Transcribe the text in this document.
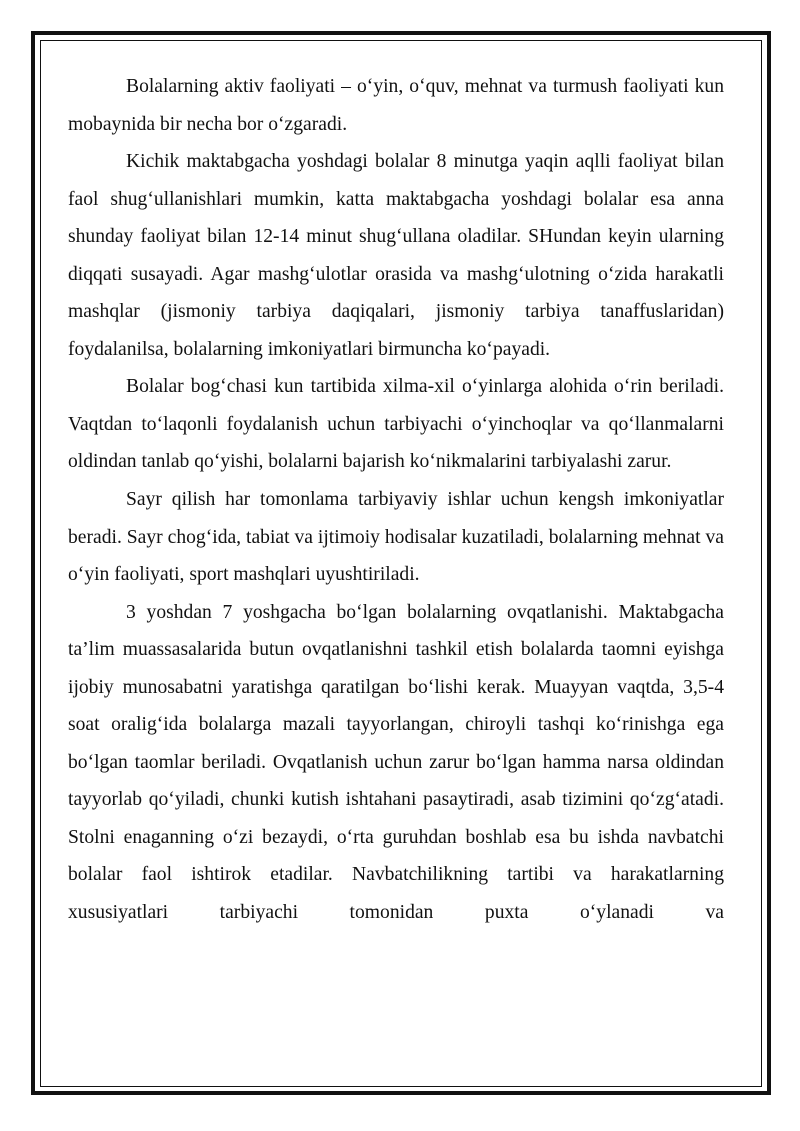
Bolalarning aktiv faoliyati – o‘yin, o‘quv, mehnat va turmush faoliyati kun mobaynida bir necha bor o‘zgaradi.

Kichik maktabgacha yoshdagi bolalar 8 minutga yaqin aqlli faoliyat bilan faol shug‘ullanishlari mumkin, katta maktabgacha yoshdagi bolalar esa anna shunday faoliyat bilan 12-14 minut shug‘ullana oladilar. SHundan keyin ularning diqqati susayadi. Agar mashg‘ulotlar orasida va mashg‘ulotning o‘zida harakatli mashqlar (jismoniy tarbiya daqiqalari, jismoniy tarbiya tanaffuslaridan) foydalanilsa, bolalarning imkoniyatlari birmuncha ko‘payadi.

Bolalar bog‘chasi kun tartibida xilma-xil o‘yinlarga alohida o‘rin beriladi. Vaqtdan to‘laqonli foydalanish uchun tarbiyachi o‘yinchoqlar va qo‘llanmalarni oldindan tanlab qo‘yishi, bolalarni bajarish ko‘nikmalarini tarbiyalashi zarur.

Sayr qilish har tomonlama tarbiyaviy ishlar uchun kengsh imkoniyatlar beradi. Sayr chog‘ida, tabiat va ijtimoiy hodisalar kuzatiladi, bolalarning mehnat va o‘yin faoliyati, sport mashqlari uyushtiriladi.

3 yoshdan 7 yoshgacha bo‘lgan bolalarning ovqatlanishi. Maktabgacha ta’lim muassasalarida butun ovqatlanishni tashkil etish bolalarda taomni eyishga ijobiy munosabatni yaratishga qaratilgan bo‘lishi kerak. Muayyan vaqtda, 3,5-4 soat oralig‘ida bolalarga mazali tayyorlangan, chiroyli tashqi ko‘rinishga ega bo‘lgan taomlar beriladi. Ovqatlanish uchun zarur bo‘lgan hamma narsa oldindan tayyorlab qo‘yiladi, chunki kutish ishtahani pasaytiradi, asab tizimini qo‘zg‘atadi. Stolni enaganning o‘zi bezaydi, o‘rta guruhdan boshlab esa bu ishda navbatchi bolalar faol ishtirok etadilar. Navbatchilikning tartibi va harakatlarning xususiyatlari tarbiyachi tomonidan puxta o‘ylanadi va
